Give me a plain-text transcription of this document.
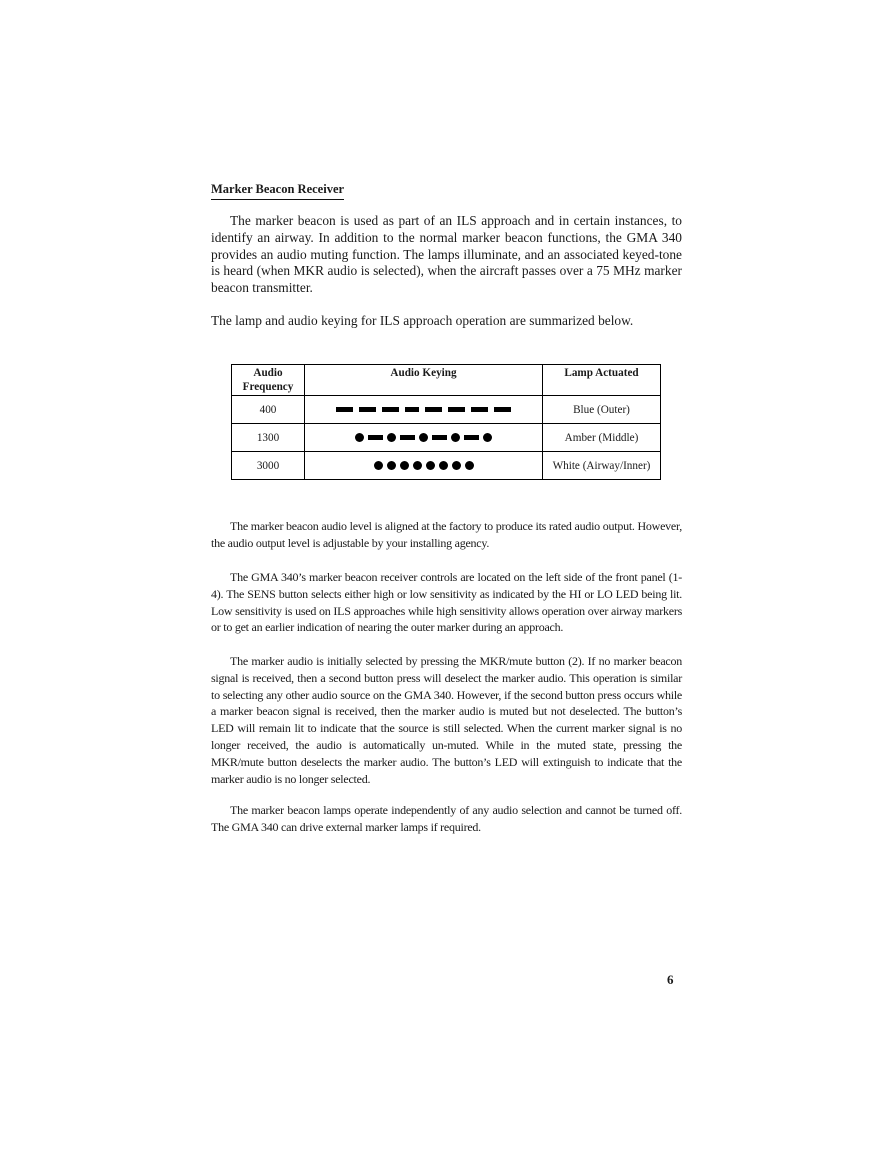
Marker Beacon Receiver

The marker beacon is used as part of an ILS approach and in certain instances, to identify an airway. In addition to the normal marker beacon functions, the GMA 340 provides an audio muting function. The lamps illuminate, and an associated keyed-tone is heard (when MKR audio is selected), when the aircraft passes over a 75 MHz marker beacon transmitter.

The lamp and audio keying for ILS approach operation are summarized below.

Audio Frequency	Audio Keying	Lamp Actuated
400		Blue (Outer)
1300		Amber (Middle)
3000		White (Airway/Inner)

The marker beacon audio level is aligned at the factory to produce its rated audio output. However, the audio output level is adjustable by your installing agency.

The GMA 340’s marker beacon receiver controls are located on the left side of the front panel (1-4). The SENS button selects either high or low sensitivity as indicated by the HI or LO LED being lit. Low sensitivity is used on ILS approaches while high sensitivity allows operation over airway markers or to get an earlier indication of nearing the outer marker during an approach.

The marker audio is initially selected by pressing the MKR/mute button (2). If no marker beacon signal is received, then a second button press will deselect the marker audio. This operation is similar to selecting any other audio source on the GMA 340. However, if the second button press occurs while a marker beacon signal is received, then the marker audio is muted but not deselected. The button’s LED will remain lit to indicate that the source is still selected. When the current marker signal is no longer received, the audio is automatically un-muted. While in the muted state, pressing the MKR/mute button deselects the marker audio. The button’s LED will extinguish to indicate that the marker audio is no longer selected.

The marker beacon lamps operate independently of any audio selection and cannot be turned off. The GMA 340 can drive external marker lamps if required.

6
